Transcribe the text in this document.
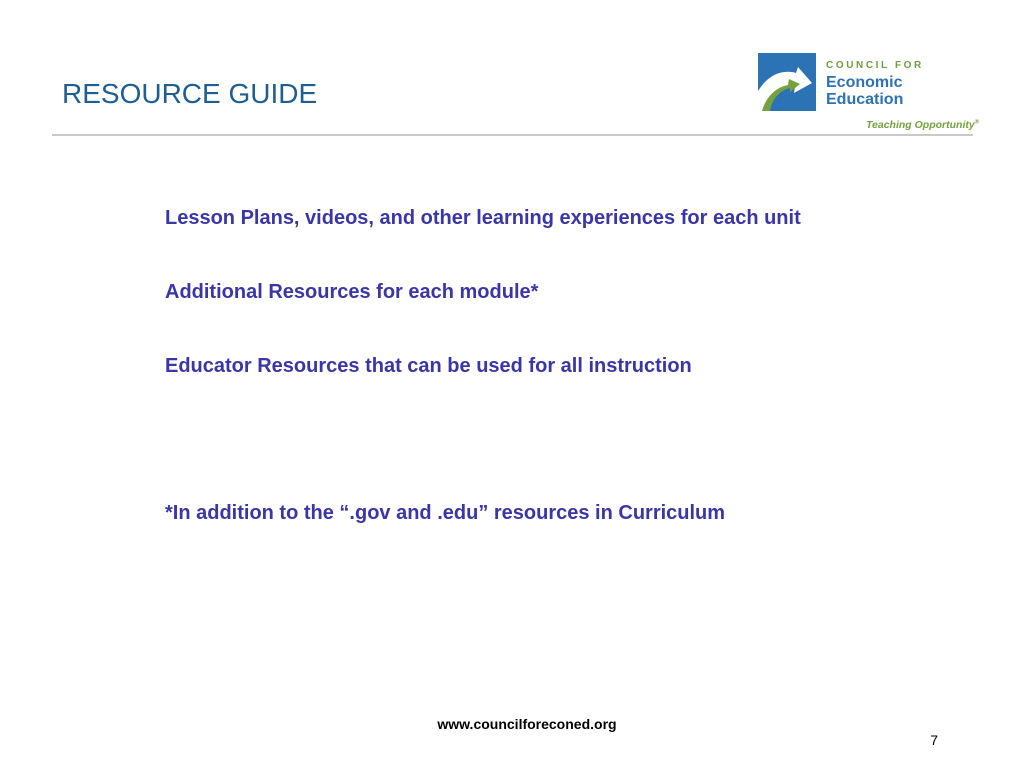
RESOURCE GUIDE
COUNCIL FOR
Economic
Education
Teaching Opportunity®
Lesson Plans, videos, and other learning experiences for each unit
Additional Resources for each module*
Educator Resources that can be used for all instruction

*In addition to the “.gov and .edu” resources in Curriculum

www.councilforeconed.org
7
